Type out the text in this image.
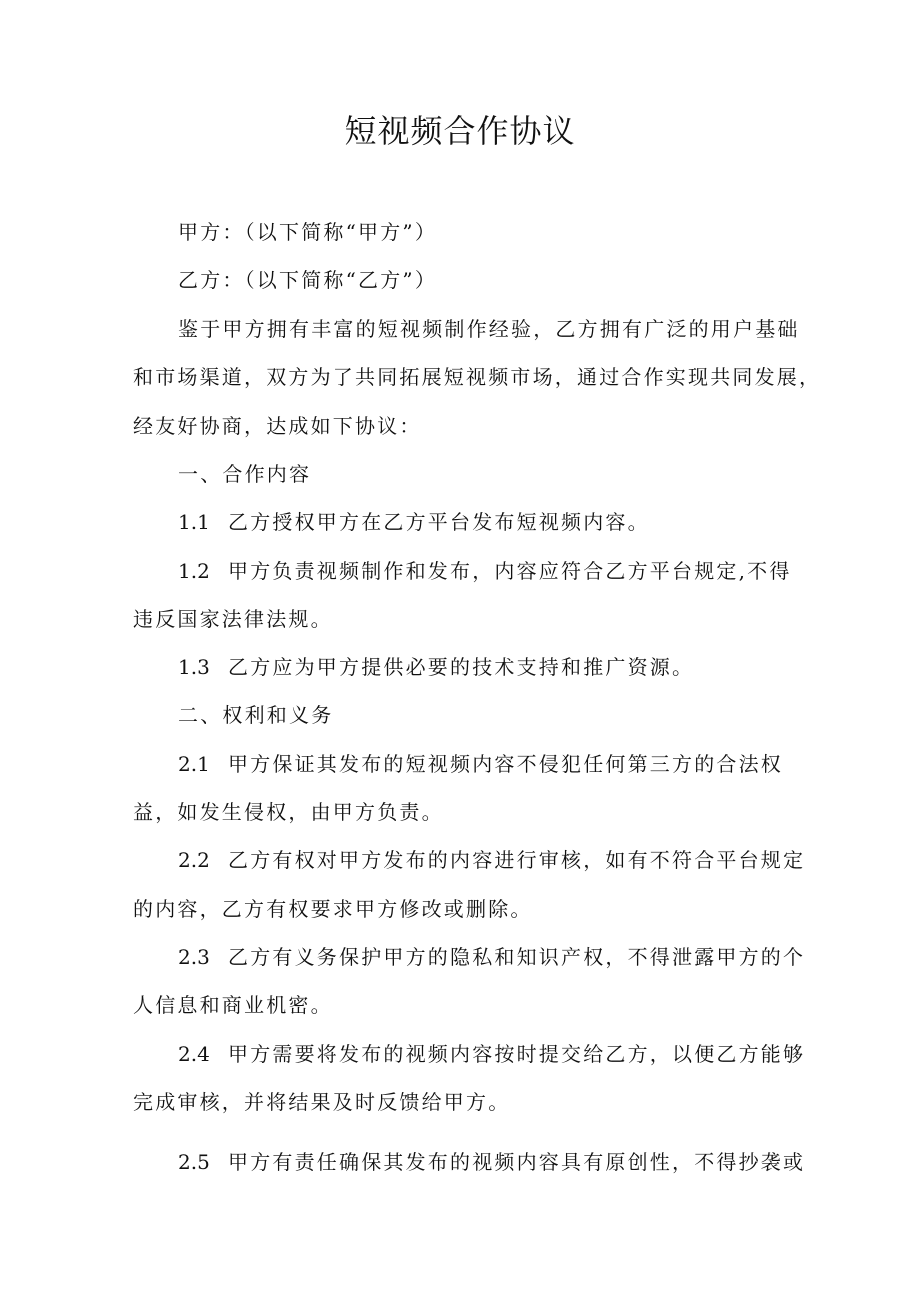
短视频合作协议
甲方：（以下简称“甲方”）
乙方：（以下简称“乙方”）
鉴于甲方拥有丰富的短视频制作经验，乙方拥有广泛的用户基础
和市场渠道，双方为了共同拓展短视频市场，通过合作实现共同发展，
经友好协商，达成如下协议：
一、合作内容
1.1 乙方授权甲方在乙方平台发布短视频内容。
1.2 甲方负责视频制作和发布，内容应符合乙方平台规定,不得
违反国家法律法规。
1.3 乙方应为甲方提供必要的技术支持和推广资源。
二、权利和义务
2.1 甲方保证其发布的短视频内容不侵犯任何第三方的合法权
益，如发生侵权，由甲方负责。
2.2 乙方有权对甲方发布的内容进行审核，如有不符合平台规定
的内容，乙方有权要求甲方修改或删除。
2.3 乙方有义务保护甲方的隐私和知识产权，不得泄露甲方的个
人信息和商业机密。
2.4 甲方需要将发布的视频内容按时提交给乙方，以便乙方能够
完成审核，并将结果及时反馈给甲方。
2.5 甲方有责任确保其发布的视频内容具有原创性，不得抄袭或
